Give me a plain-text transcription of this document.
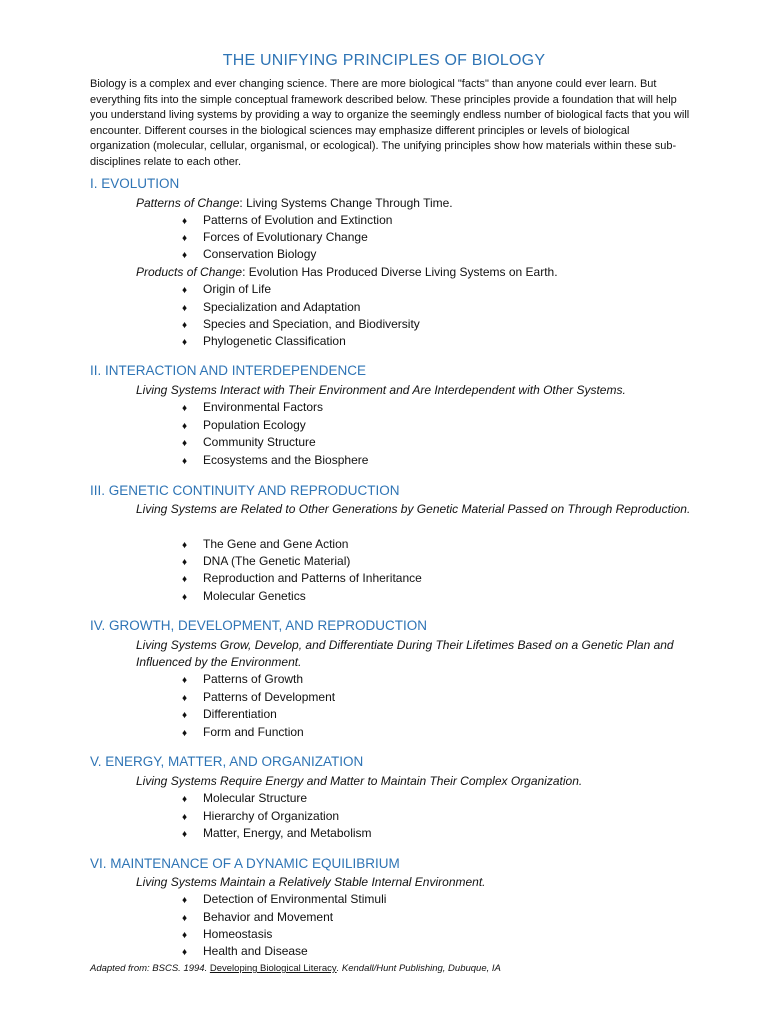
THE UNIFYING PRINCIPLES OF BIOLOGY
Biology is a complex and ever changing science. There are more biological "facts" than anyone could ever learn. But everything fits into the simple conceptual framework described below. These principles provide a foundation that will help you understand living systems by providing a way to organize the seemingly endless number of biological facts that you will encounter. Different courses in the biological sciences may emphasize different principles or levels of biological organization (molecular, cellular, organismal, or ecological). The unifying principles show how materials within these sub-disciplines relate to each other.
I. EVOLUTION
Patterns of Change: Living Systems Change Through Time.
♦ Patterns of Evolution and Extinction
♦ Forces of Evolutionary Change
♦ Conservation Biology
Products of Change: Evolution Has Produced Diverse Living Systems on Earth.
♦ Origin of Life
♦ Specialization and Adaptation
♦ Species and Speciation, and Biodiversity
♦ Phylogenetic Classification
II. INTERACTION AND INTERDEPENDENCE
Living Systems Interact with Their Environment and Are Interdependent with Other Systems.
♦ Environmental Factors
♦ Population Ecology
♦ Community Structure
♦ Ecosystems and the Biosphere
III. GENETIC CONTINUITY AND REPRODUCTION
Living Systems are Related to Other Generations by Genetic Material Passed on Through Reproduction.
♦ The Gene and Gene Action
♦ DNA (The Genetic Material)
♦ Reproduction and Patterns of Inheritance
♦ Molecular Genetics
IV. GROWTH, DEVELOPMENT, AND REPRODUCTION
Living Systems Grow, Develop, and Differentiate During Their Lifetimes Based on a Genetic Plan and Influenced by the Environment.
♦ Patterns of Growth
♦ Patterns of Development
♦ Differentiation
♦ Form and Function
V. ENERGY, MATTER, AND ORGANIZATION
Living Systems Require Energy and Matter to Maintain Their Complex Organization.
♦ Molecular Structure
♦ Hierarchy of Organization
♦ Matter, Energy, and Metabolism
VI. MAINTENANCE OF A DYNAMIC EQUILIBRIUM
Living Systems Maintain a Relatively Stable Internal Environment.
♦ Detection of Environmental Stimuli
♦ Behavior and Movement
♦ Homeostasis
♦ Health and Disease
Adapted from: BSCS. 1994. Developing Biological Literacy. Kendall/Hunt Publishing, Dubuque, IA
